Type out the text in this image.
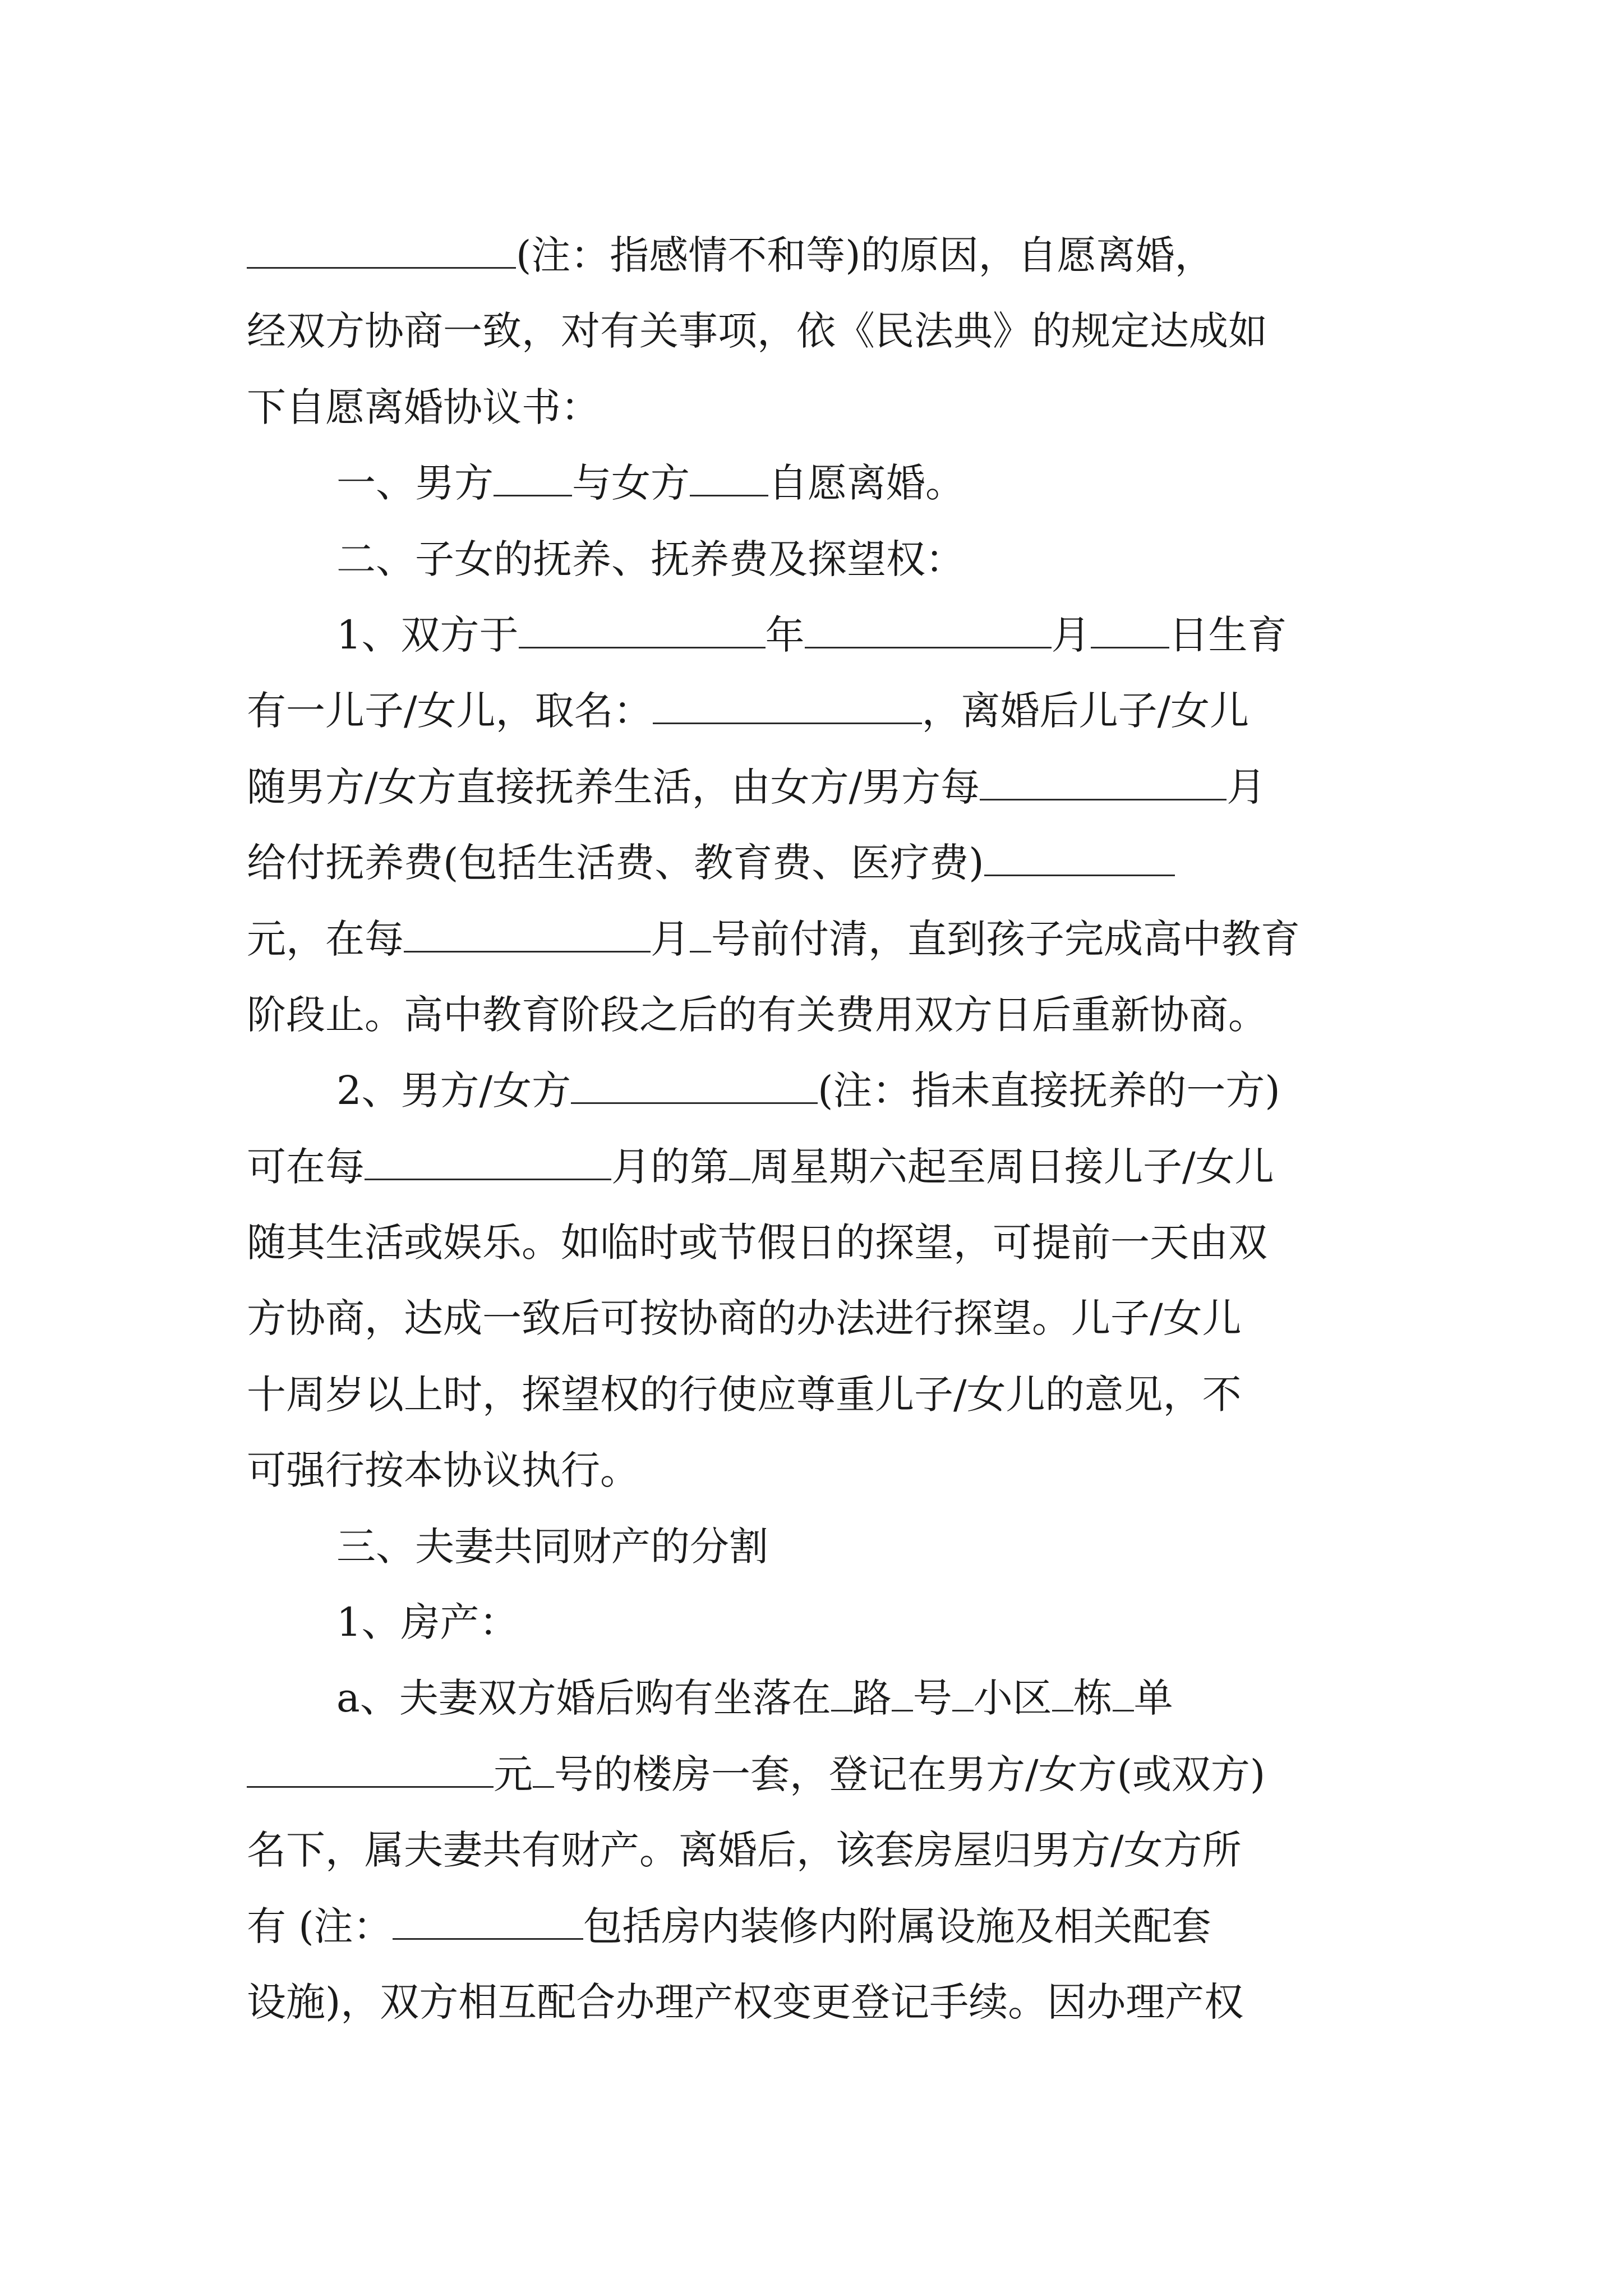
(注：指感情不和等)的原因，自愿离婚，
经双方协商一致，对有关事项，依《民法典》的规定达成如
下自愿离婚协议书：
一、男方 与女方 自愿离婚。
二、子女的抚养、抚养费及探望权：
1、双方于	年	月 日生育
有一儿子/女儿，取名：	，离婚后儿子/女儿
随男方/女方直接抚养生活，由女方/男方每	月
给付抚养费(包括生活费、教育费、医疗费)
元，在每	月 号前付清，直到孩子完成高中教育
阶段止。高中教育阶段之后的有关费用双方日后重新协商。
2、男方/女方	(注：指未直接抚养的一方)
可在每	月的第 周星期六起至周日接儿子/女儿
随其生活或娱乐。如临时或节假日的探望，可提前一天由双
方协商，达成一致后可按协商的办法进行探望。儿子/女儿
十周岁以上时，探望权的行使应尊重儿子/女儿的意见，不
可强行按本协议执行。
三、夫妻共同财产的分割
1、房产：
a、夫妻双方婚后购有坐落在 路 号 小区 栋 单
元 号的楼房一套，登记在男方/女方(或双方)
名下，属夫妻共有财产。离婚后，该套房屋归男方/女方所
有 (注：	包括房内装修内附属设施及相关配套
设施)，双方相互配合办理产权变更登记手续。因办理产权
